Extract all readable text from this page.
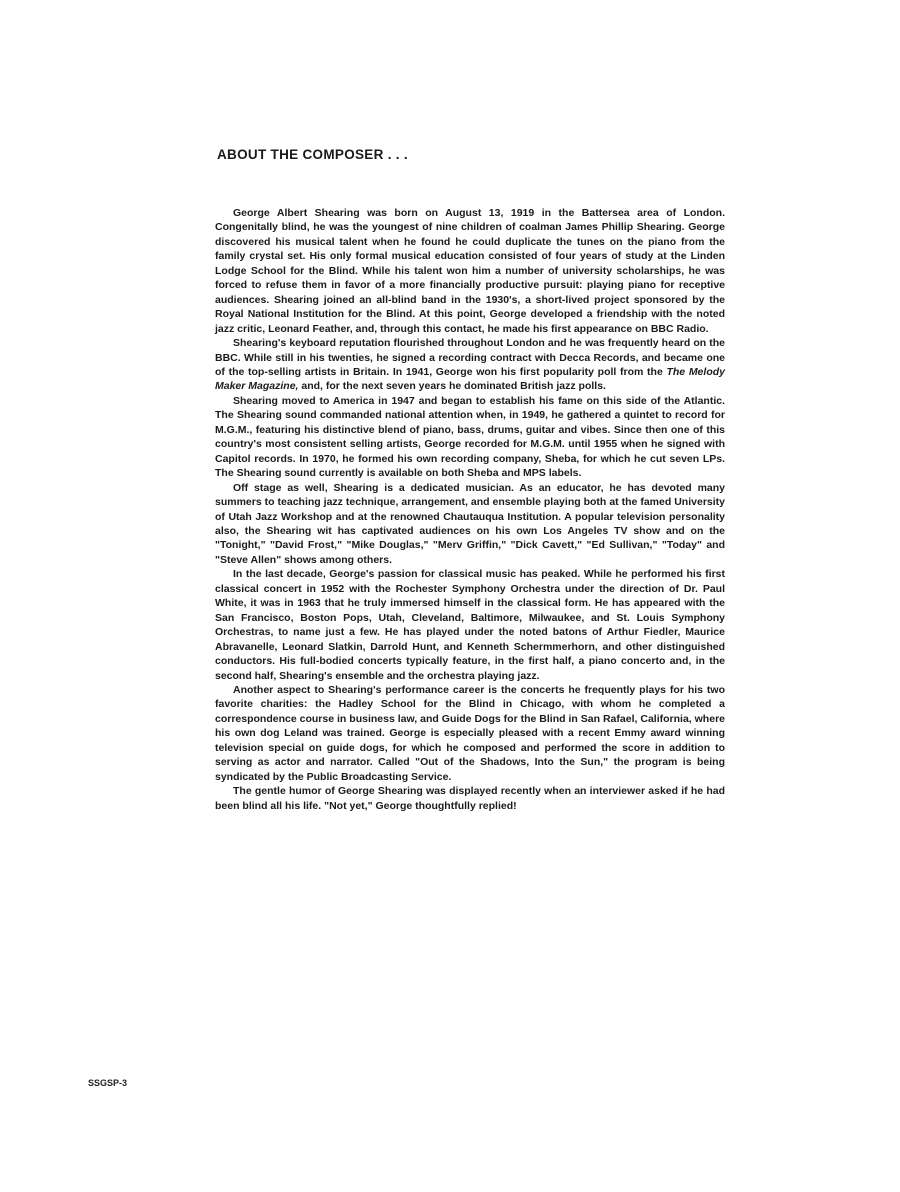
ABOUT THE COMPOSER . . .

George Albert Shearing was born on August 13, 1919 in the Battersea area of London. Congenitally blind, he was the youngest of nine children of coalman James Phillip Shearing. George discovered his musical talent when he found he could duplicate the tunes on the piano from the family crystal set. His only formal musical education consisted of four years of study at the Linden Lodge School for the Blind. While his talent won him a number of university scholarships, he was forced to refuse them in favor of a more financially productive pursuit: playing piano for receptive audiences. Shearing joined an all-blind band in the 1930's, a short-lived project sponsored by the Royal National Institution for the Blind. At this point, George developed a friendship with the noted jazz critic, Leonard Feather, and, through this contact, he made his first appearance on BBC Radio.

Shearing's keyboard reputation flourished throughout London and he was frequently heard on the BBC. While still in his twenties, he signed a recording contract with Decca Records, and became one of the top-selling artists in Britain. In 1941, George won his first popularity poll from the The Melody Maker Magazine, and, for the next seven years he dominated British jazz polls.

Shearing moved to America in 1947 and began to establish his fame on this side of the Atlantic. The Shearing sound commanded national attention when, in 1949, he gathered a quintet to record for M.G.M., featuring his distinctive blend of piano, bass, drums, guitar and vibes. Since then one of this country's most consistent selling artists, George recorded for M.G.M. until 1955 when he signed with Capitol records. In 1970, he formed his own recording company, Sheba, for which he cut seven LPs. The Shearing sound currently is available on both Sheba and MPS labels.

Off stage as well, Shearing is a dedicated musician. As an educator, he has devoted many summers to teaching jazz technique, arrangement, and ensemble playing both at the famed University of Utah Jazz Workshop and at the renowned Chautauqua Institution. A popular television personality also, the Shearing wit has captivated audiences on his own Los Angeles TV show and on the "Tonight," "David Frost," "Mike Douglas," "Merv Griffin," "Dick Cavett," "Ed Sullivan," "Today" and "Steve Allen" shows among others.

In the last decade, George's passion for classical music has peaked. While he performed his first classical concert in 1952 with the Rochester Symphony Orchestra under the direction of Dr. Paul White, it was in 1963 that he truly immersed himself in the classical form. He has appeared with the San Francisco, Boston Pops, Utah, Cleveland, Baltimore, Milwaukee, and St. Louis Symphony Orchestras, to name just a few. He has played under the noted batons of Arthur Fiedler, Maurice Abravanelle, Leonard Slatkin, Darrold Hunt, and Kenneth Schermmerhorn, and other distinguished conductors. His full-bodied concerts typically feature, in the first half, a piano concerto and, in the second half, Shearing's ensemble and the orchestra playing jazz.

Another aspect to Shearing's performance career is the concerts he frequently plays for his two favorite charities: the Hadley School for the Blind in Chicago, with whom he completed a correspondence course in business law, and Guide Dogs for the Blind in San Rafael, California, where his own dog Leland was trained. George is especially pleased with a recent Emmy award winning television special on guide dogs, for which he composed and performed the score in addition to serving as actor and narrator. Called "Out of the Shadows, Into the Sun," the program is being syndicated by the Public Broadcasting Service.

The gentle humor of George Shearing was displayed recently when an interviewer asked if he had been blind all his life. "Not yet," George thoughtfully replied!

SSGSP-3
